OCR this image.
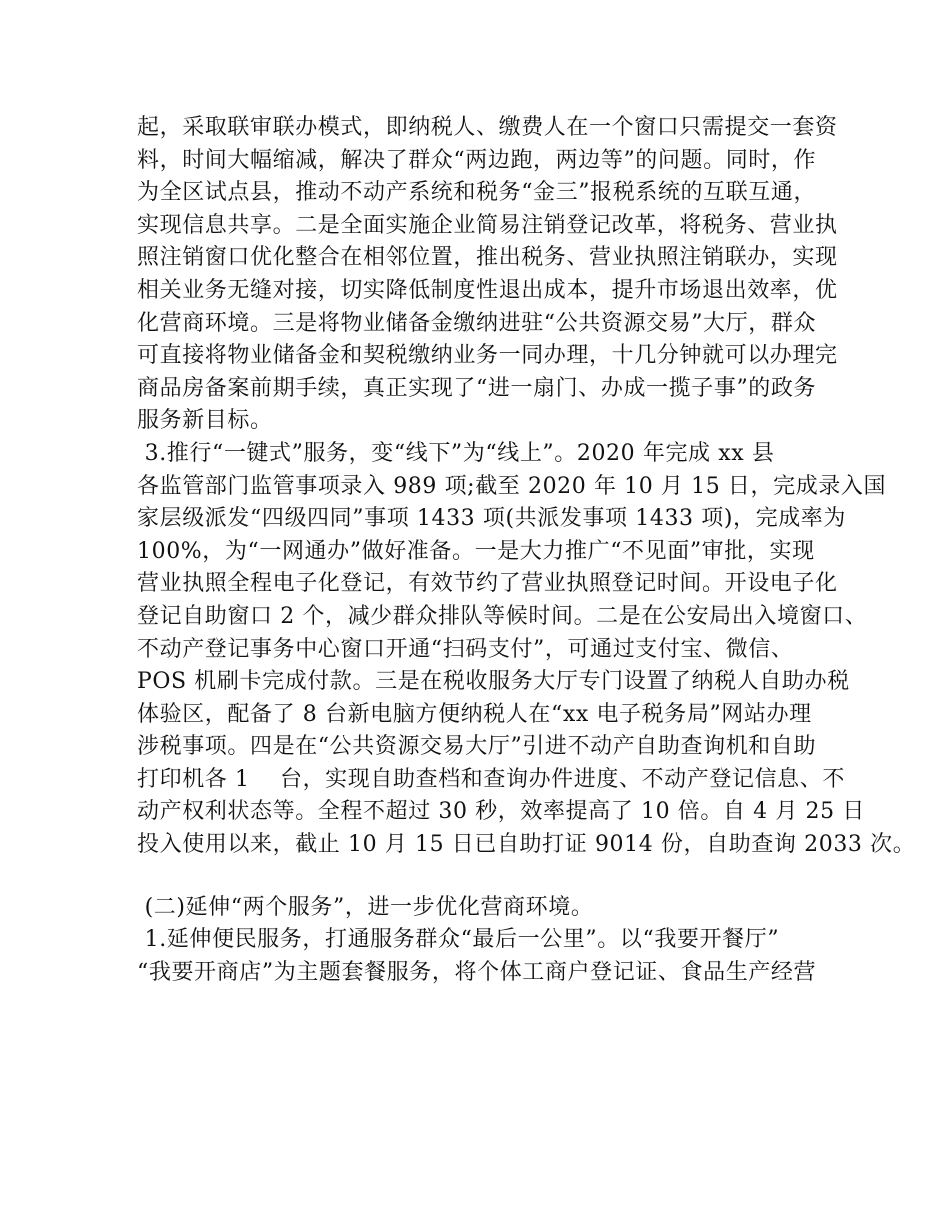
起，采取联审联办模式，即纳税人、缴费人在一个窗口只需提交一套资
料，时间大幅缩减，解决了群众“两边跑，两边等”的问题。同时，作
为全区试点县，推动不动产系统和税务“金三”报税系统的互联互通，
实现信息共享。二是全面实施企业简易注销登记改革，将税务、营业执
照注销窗口优化整合在相邻位置，推出税务、营业执照注销联办，实现
相关业务无缝对接，切实降低制度性退出成本，提升市场退出效率，优
化营商环境。三是将物业储备金缴纳进驻“公共资源交易”大厅，群众
可直接将物业储备金和契税缴纳业务一同办理，十几分钟就可以办理完
商品房备案前期手续，真正实现了“进一扇门、办成一揽子事”的政务
服务新目标。
3.推行“一键式”服务，变“线下”为“线上”。2020 年完成 xx 县
各监管部门监管事项录入 989 项;截至 2020 年 10 月 15 日，完成录入国
家层级派发“四级四同”事项 1433 项(共派发事项 1433 项)，完成率为
100%，为“一网通办”做好准备。一是大力推广“不见面”审批，实现
营业执照全程电子化登记，有效节约了营业执照登记时间。开设电子化
登记自助窗口 2 个，减少群众排队等候时间。二是在公安局出入境窗口、
不动产登记事务中心窗口开通“扫码支付”，可通过支付宝、微信、
POS 机刷卡完成付款。三是在税收服务大厅专门设置了纳税人自助办税
体验区，配备了 8 台新电脑方便纳税人在“xx 电子税务局”网站办理
涉税事项。四是在“公共资源交易大厅”引进不动产自助查询机和自助
打印机各 1    台，实现自助查档和查询办件进度、不动产登记信息、不
动产权利状态等。全程不超过 30 秒，效率提高了 10 倍。自 4 月 25 日
投入使用以来，截止 10 月 15 日已自助打证 9014 份，自助查询 2033 次。
(二)延伸“两个服务”，进一步优化营商环境。
1.延伸便民服务，打通服务群众“最后一公里”。以“我要开餐厅”
“我要开商店”为主题套餐服务，将个体工商户登记证、食品生产经营
